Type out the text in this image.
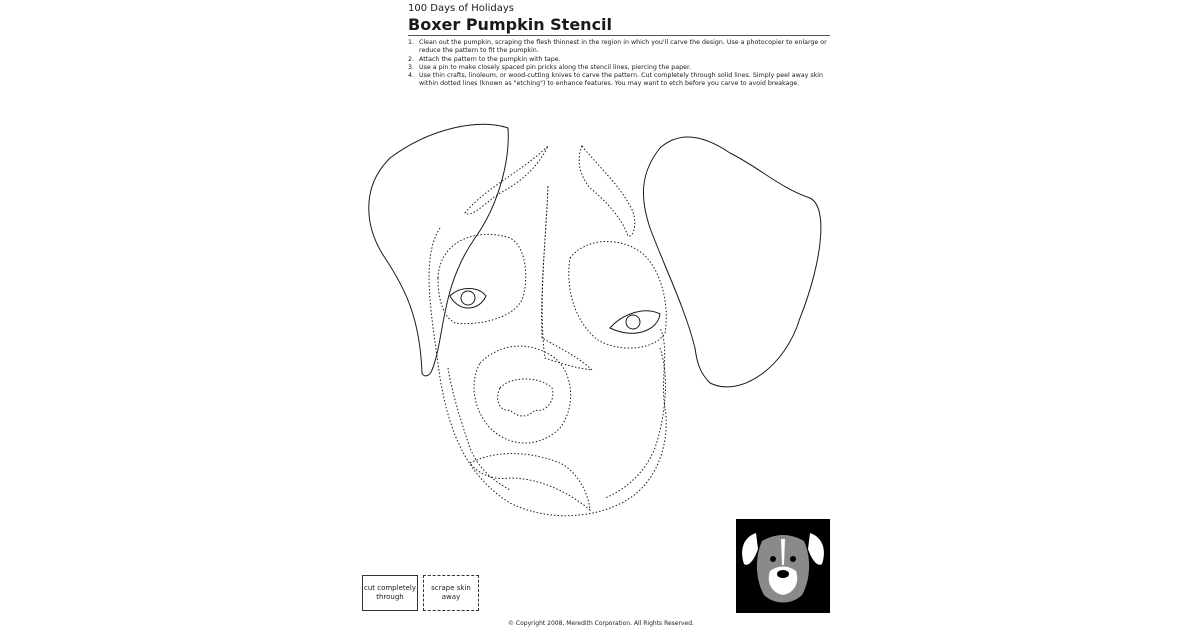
100 Days of Holidays
Boxer Pumpkin Stencil
1. Clean out the pumpkin, scraping the flesh thinnest in the region in which you'll carve the design. Use a photocopier to enlarge or reduce the pattern to fit the pumpkin.
2. Attach the pattern to the pumpkin with tape.
3. Use a pin to make closely spaced pin pricks along the stencil lines, piercing the paper.
4. Use thin crafts, linoleum, or wood-cutting knives to carve the pattern. Cut completely through solid lines. Simply peel away skin within dotted lines (known as "etching") to enhance features. You may want to etch before you carve to avoid breakage.
cut completely through
scrape skin away
© Copyright 2008, Meredith Corporation. All Rights Reserved.
